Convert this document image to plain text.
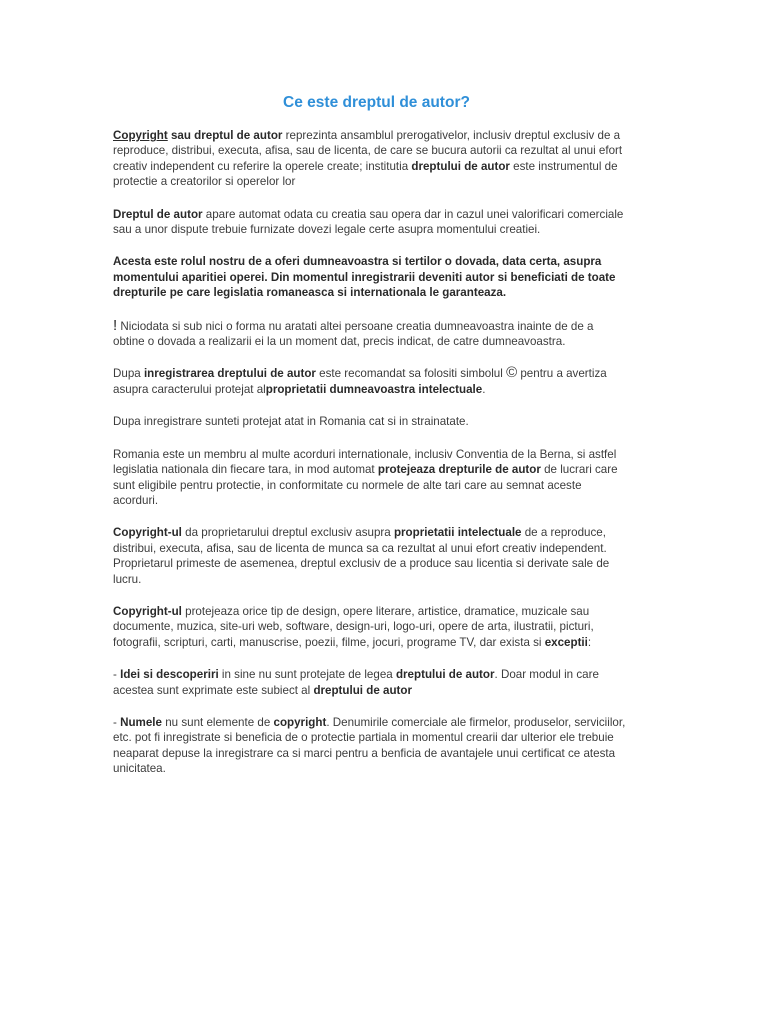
Ce este dreptul de autor?

Copyright sau dreptul de autor reprezinta ansamblul prerogativelor, inclusiv dreptul exclusiv de a reproduce, distribui, executa, afisa, sau de licenta, de care se bucura autorii ca rezultat al unui efort creativ independent cu referire la operele create; institutia dreptului de autor este instrumentul de protectie a creatorilor si operelor lor

Dreptul de autor apare automat odata cu creatia sau opera dar in cazul unei valorificari comerciale sau a unor dispute trebuie furnizate dovezi legale certe asupra momentului creatiei.

Acesta este rolul nostru de a oferi dumneavoastra si tertilor o dovada, data certa, asupra momentului aparitiei operei. Din momentul inregistrarii deveniti autor si beneficiati de toate drepturile pe care legislatia romaneasca si internationala le garanteaza.

! Niciodata si sub nici o forma nu aratati altei persoane creatia dumneavoastra inainte de de a obtine o dovada a realizarii ei la un moment dat, precis indicat, de catre dumneavoastra.

Dupa inregistrarea dreptului de autor este recomandat sa folositi simbolul © pentru a avertiza asupra caracterului protejat alproprietatii dumneavoastra intelectuale.

Dupa inregistrare sunteti protejat atat in Romania cat si in strainatate.

Romania este un membru al multe acorduri internationale, inclusiv Conventia de la Berna, si astfel legislatia nationala din fiecare tara, in mod automat protejeaza drepturile de autor de lucrari care sunt eligibile pentru protectie, in conformitate cu normele de alte tari care au semnat aceste acorduri.

Copyright-ul da proprietarului dreptul exclusiv asupra proprietatii intelectuale de a reproduce, distribui, executa, afisa, sau de licenta de munca sa ca rezultat al unui efort creativ independent. Proprietarul primeste de asemenea, dreptul exclusiv de a produce sau licentia si derivate sale de lucru.

Copyright-ul protejeaza orice tip de design, opere literare, artistice, dramatice, muzicale sau documente, muzica, site-uri web, software, design-uri, logo-uri, opere de arta, ilustratii, picturi, fotografii, scripturi, carti, manuscrise, poezii, filme, jocuri, programe TV, dar exista si exceptii:

- Idei si descoperiri in sine nu sunt protejate de legea dreptului de autor. Doar modul in care acestea sunt exprimate este subiect al dreptului de autor

- Numele nu sunt elemente de copyright. Denumirile comerciale ale firmelor, produselor, serviciilor, etc. pot fi inregistrate si beneficia de o protectie partiala in momentul crearii dar ulterior ele trebuie neaparat depuse la inregistrare ca si marci pentru a benficia de avantajele unui certificat ce atesta unicitatea.
